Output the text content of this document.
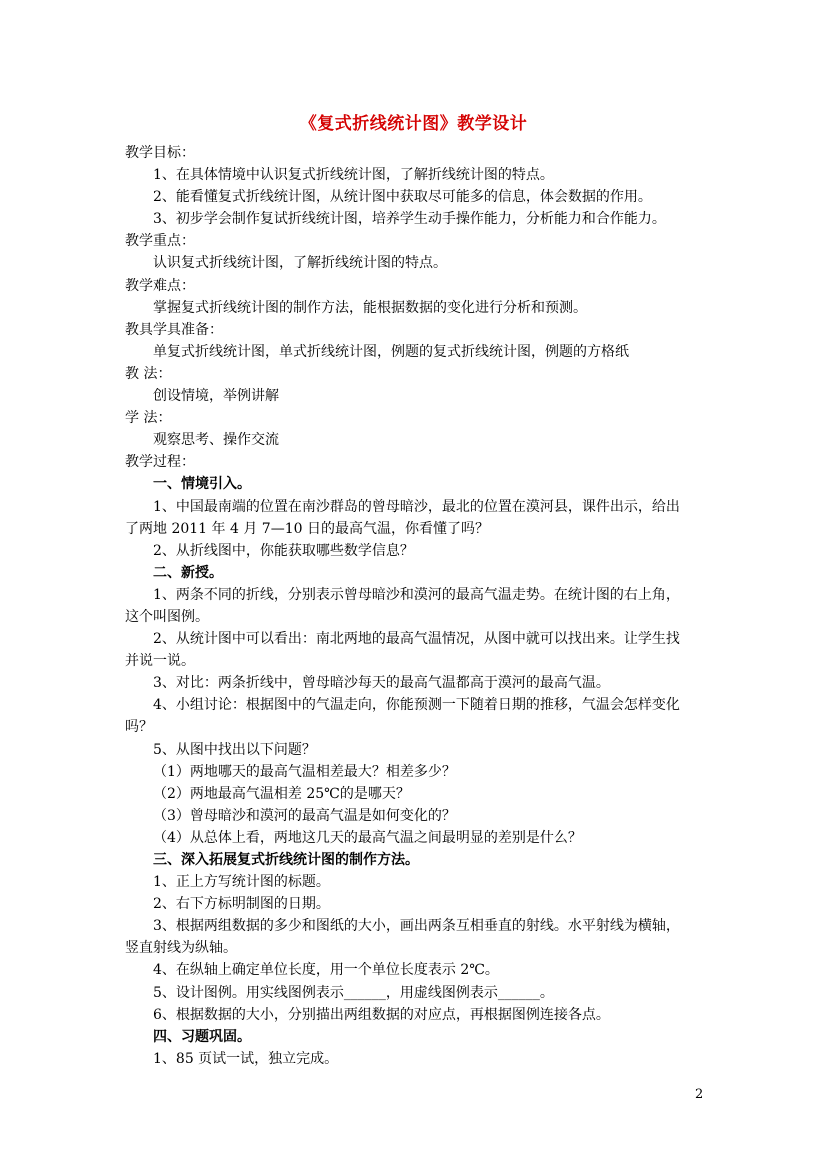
《复式折线统计图》教学设计

教学目标：

1、在具体情境中认识复式折线统计图，了解折线统计图的特点。

2、能看懂复式折线统计图，从统计图中获取尽可能多的信息，体会数据的作用。

3、初步学会制作复试折线统计图，培养学生动手操作能力，分析能力和合作能力。

教学重点：

认识复式折线统计图，了解折线统计图的特点。

教学难点：

掌握复式折线统计图的制作方法，能根据数据的变化进行分析和预测。

教具学具准备：

单复式折线统计图，单式折线统计图，例题的复式折线统计图，例题的方格纸

教 法：

创设情境，举例讲解

学 法：

观察思考、操作交流

教学过程：

一、情境引入。

1、中国最南端的位置在南沙群岛的曾母暗沙，最北的位置在漠河县，课件出示，给出

了两地 2011 年 4 月 7—10 日的最高气温，你看懂了吗？

2、从折线图中，你能获取哪些数学信息？

二、新授。

1、两条不同的折线，分别表示曾母暗沙和漠河的最高气温走势。在统计图的右上角，

这个叫图例。

2、从统计图中可以看出：南北两地的最高气温情况，从图中就可以找出来。让学生找

并说一说。

3、对比：两条折线中，曾母暗沙每天的最高气温都高于漠河的最高气温。

4、小组讨论：根据图中的气温走向，你能预测一下随着日期的推移，气温会怎样变化

吗？

5、从图中找出以下问题？

（1）两地哪天的最高气温相差最大？相差多少？

（2）两地最高气温相差 25℃的是哪天？

（3）曾母暗沙和漠河的最高气温是如何变化的？

（4）从总体上看，两地这几天的最高气温之间最明显的差别是什么？

三、深入拓展复式折线统计图的制作方法。

1、正上方写统计图的标题。

2、右下方标明制图的日期。

3、根据两组数据的多少和图纸的大小，画出两条互相垂直的射线。水平射线为横轴，

竖直射线为纵轴。

4、在纵轴上确定单位长度，用一个单位长度表示 2℃。

5、设计图例。用实线图例表示______，用虚线图例表示______。

6、根据数据的大小，分别描出两组数据的对应点，再根据图例连接各点。

四、习题巩固。

1、85 页试一试，独立完成。

2
